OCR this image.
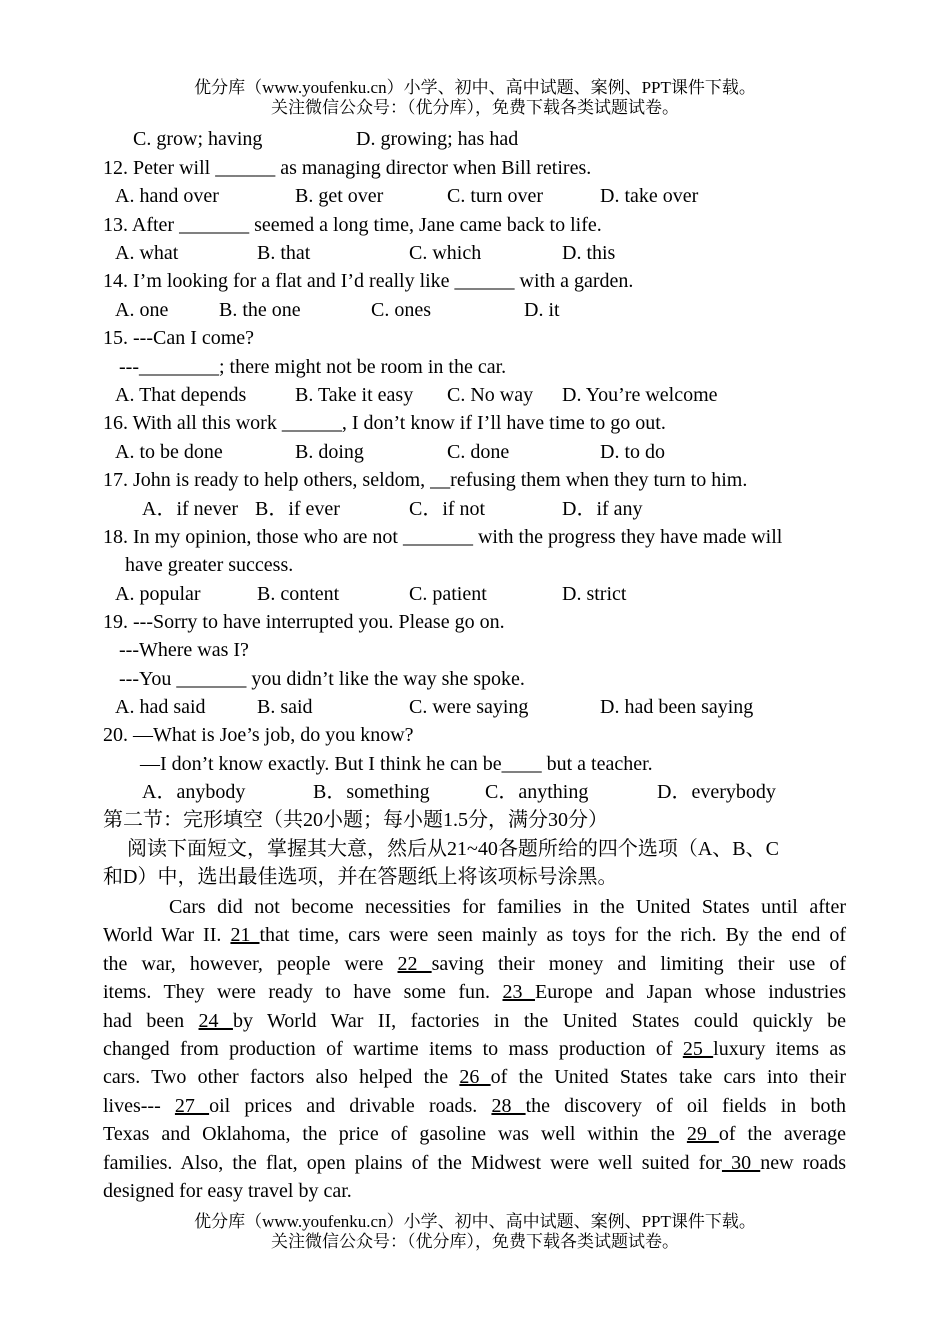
优分库（www.youfenku.cn）小学、初中、高中试题、案例、PPT课件下载。
关注微信公众号：（优分库），免费下载各类试题试卷。
C. grow; having	D. growing; has had
12. Peter will ______ as managing director when Bill retires.
A. hand over	B. get over	C. turn over	D. take over
13. After _______ seemed a long time, Jane came back to life.
A. what	B. that	C. which	D. this
14. I’m looking for a flat and I’d really like ______ with a garden.
A. one	B. the one	C. ones	D. it
15. ---Can I come?
---________; there might not be room in the car.
A. That depends B. Take it easy C. No way D. You’re welcome
16. With all this work ______, I don’t know if I’ll have time to go out.
A. to be done	B. doing	C. done	D. to do
17. John is ready to help others, seldom, __refusing them when they turn to him.
A．if never B．if ever	C．if not	D．if any
18. In my opinion, those who are not _______ with the progress they have made will
have greater success.
A. popular	B. content	C. patient	D. strict
19. ---Sorry to have interrupted you. Please go on.
---Where was I?
---You _______ you didn’t like the way she spoke.
A. had said	B. said	C. were saying	D. had been saying
20. —What is Joe’s job, do you know?
—I don’t know exactly. But I think he can be____ but a teacher.
A．anybody	B．something	C．anything	D．everybody
第二节：完形填空（共20小题；每小题1.5分，满分30分）
阅读下面短文，掌握其大意，然后从21~40各题所给的四个选项（A、B、C
和D）中，选出最佳选项，并在答题纸上将该项标号涂黑。
Cars did not become necessities for families in the United States until after
World War II. 21 that time, cars were seen mainly as toys for the rich. By the end of
the war, however, people were 22 saving their money and limiting their use of
items. They were ready to have some fun. 23 Europe and Japan whose industries
had been 24 by World War II, factories in the United States could quickly be
changed from production of wartime items to mass production of 25 luxury items as
cars. Two other factors also helped the 26 of the United States take cars into their
lives--- 27 oil prices and drivable roads. 28 the discovery of oil fields in both
Texas and Oklahoma, the price of gasoline was well within the 29 of the average
families. Also, the flat, open plains of the Midwest were well suited for 30 new roads
designed for easy travel by car.
优分库（www.youfenku.cn）小学、初中、高中试题、案例、PPT课件下载。
关注微信公众号：（优分库），免费下载各类试题试卷。
